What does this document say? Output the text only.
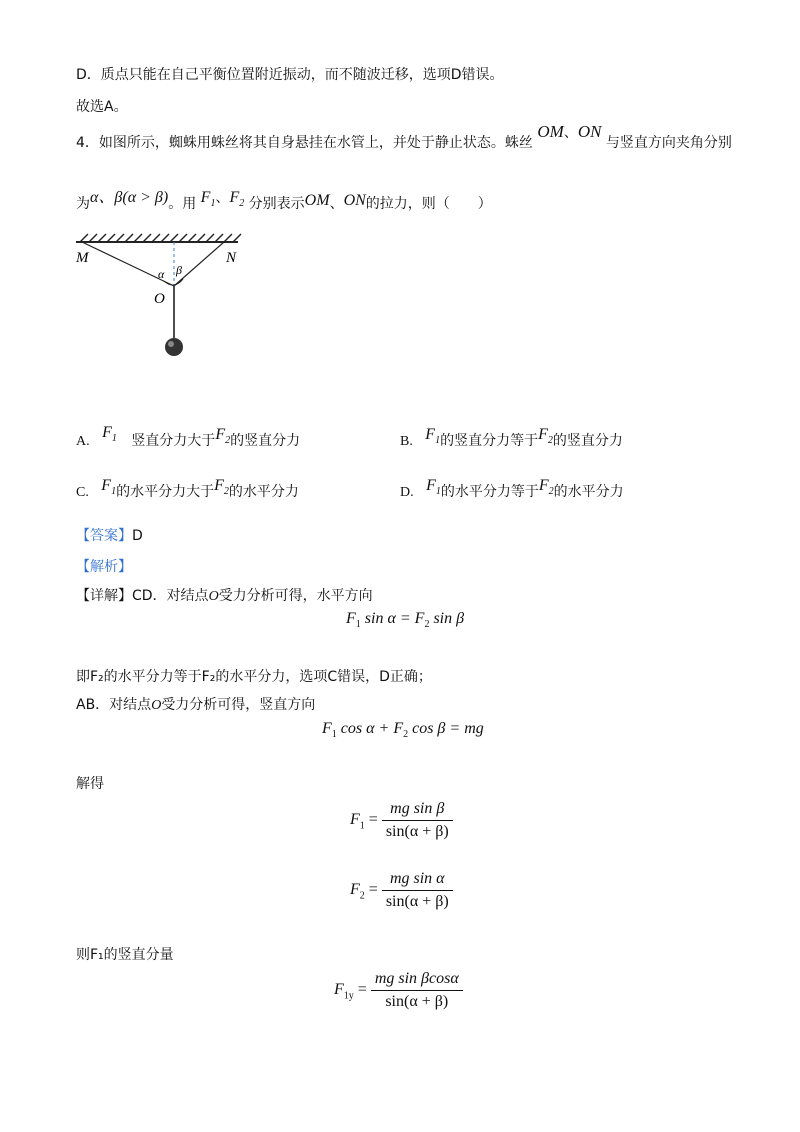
D．质点只能在自己平衡位置附近振动，而不随波迁移，选项D错误。
故选A。
4．如图所示，蜘蛛用蛛丝将其自身悬挂在水管上，并处于静止状态。蛛丝 OM、ON 与竖直方向夹角分别
为α、β(α > β)。用 $F_1$、$F_2$ 分别表示OM、ON的拉力，则（　　）
M	N
O
α β
A. $F_1$ 竖直分力大于$F_2$的竖直分力	B. $F_1$的竖直分力等于$F_2$的竖直分力
C. $F_1$的水平分力大于$F_2$的水平分力	D. $F_1$的水平分力等于$F_2$的水平分力
【答案】D
【解析】
【详解】CD．对结点O受力分析可得，水平方向
$F_1$ $\sin \alpha = F_2$ sin β
即F₂的水平分力等于F₂的水平分力，选项C错误，D正确；
AB．对结点O受力分析可得，竖直方向
$F_1$ $\cos \alpha + F_2$ cos β = mg
解得
$F_1 = \frac{\text{mg sin β}}{\sin(\alpha + \beta)}$
$F_2 = \frac{\text{mg sin α}}{\sin(\alpha + \beta)}$
则F₁的竖直分量
$F_{1y} = \frac{\text{mg sin βcosα}}{\sin(\alpha + \beta)}$
